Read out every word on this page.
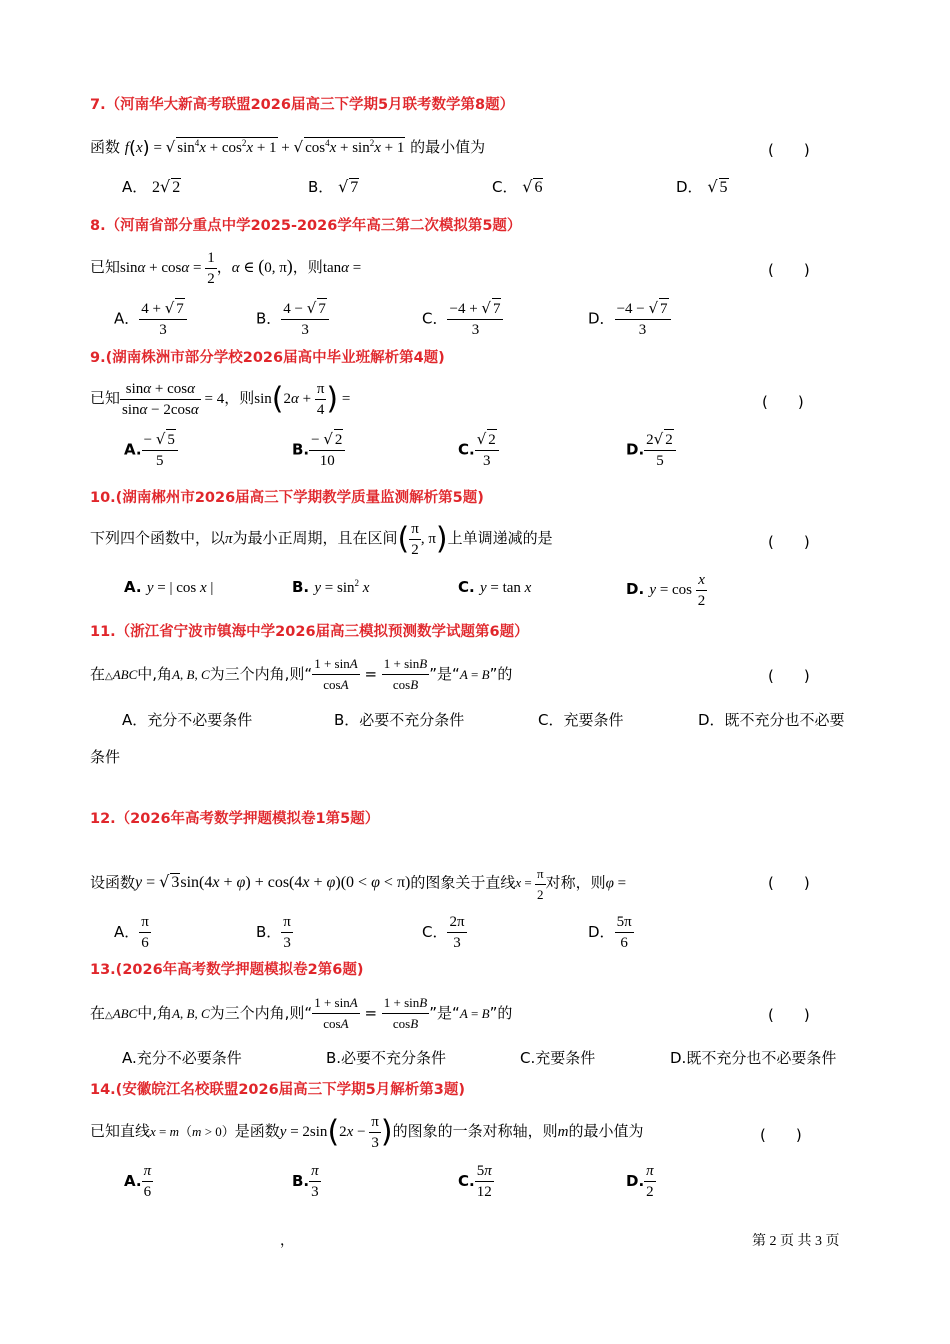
7.（河南华大新高考联盟2026届高三下学期5月联考数学第8题）
函数 f(x) = √ $\sin^4x + \cos^2x + 1$ + √ $\cos^4x + \sin^2x + 1$ 的最小值为	(　　)
A． 2√ 2	B． √ 7	C． √ 6	D． √ 5
8.（河南省部分重点中学2025-2026学年高三第二次模拟第5题）
已知$\sin\alpha + \cos\alpha = \frac{1}{2}$ ，α ∈ (0, π)，则tanα =	(　　)
A． $\frac{4 + √ 7}{3}$	B． $\frac{4 - √ 7}{3}$	C． $\frac{-4 + √ 7}{3}$	D． $\frac{-4 - √ 7}{3}$
9.(湖南株洲市部分学校2026届高中毕业班解析第4题)
已知 $\frac{\sin\alpha + \cos\alpha}{\sin\alpha - 2\cos\alpha} = 4$，则$\sin(2\alpha + \frac{\pi}{4}$ ) =	(　　)
A. $\frac{- √ 5}{5}$	B. $\frac{- √ 2}{10}$	C. $\frac{√ 2}{3}$	D. $\frac{2√ 2}{5}$
10.(湖南郴州市2026届高三下学期教学质量监测解析第5题)
下列四个函数中，以π为最小正周期，且在区间( $\frac{\pi}{2}$ , π)上单调递减的是	(　　)
A. y = | cos x |	B. $y = \sin^2 x$	C. y = tan x	D. $y = \cos \frac{x}{2}$
11.（浙江省宁波市镇海中学2026届高三模拟预测数学试题第6题）
在△ABC中,角A, B, C为三个内角,则“ $\frac{1 + \sin A}{\cos A} = \frac{1 + \sin B}{\cos B}$ ”是“A = B”的	(　　)
A．充分不必要条件	B．必要不充分条件	C．充要条件	D．既不充分也不必要
条件
12.（2026年高考数学押题模拟卷1第5题）
设函数y = √ 3sin(4x + φ) + cos(4x + φ)(0 < φ < π)的图象关于直线$x = \frac{\pi}{2}$ 对称，则φ =	(　　)
A． $\frac{\pi}{6}$	B． $\frac{\pi}{3}$	C． $\frac{2\pi}{3}$	D． $\frac{5\pi}{6}$
13.(2026年高考数学押题模拟卷2第6题)
在△ABC中,角A, B, C为三个内角,则“ $\frac{1 + \sin A}{\cos A} = \frac{1 + \sin B}{\cos B}$ ”是“A = B”的	(　　)
A.充分不必要条件	B.必要不充分条件	C.充要条件	D.既不充分也不必要条件
14.(安徽皖江名校联盟2026届高三下学期5月解析第3题)
已知直线x = m（m > 0）是函数$y = 2\sin(2x - \frac{\pi}{3}$ )的图象的一条对称轴，则m的最小值为	(　　)
A. $\frac{\pi}{6}$	B. $\frac{\pi}{3}$	C. $\frac{5\pi}{12}$	D. $\frac{\pi}{2}$
，	第 2 页 共 3 页
